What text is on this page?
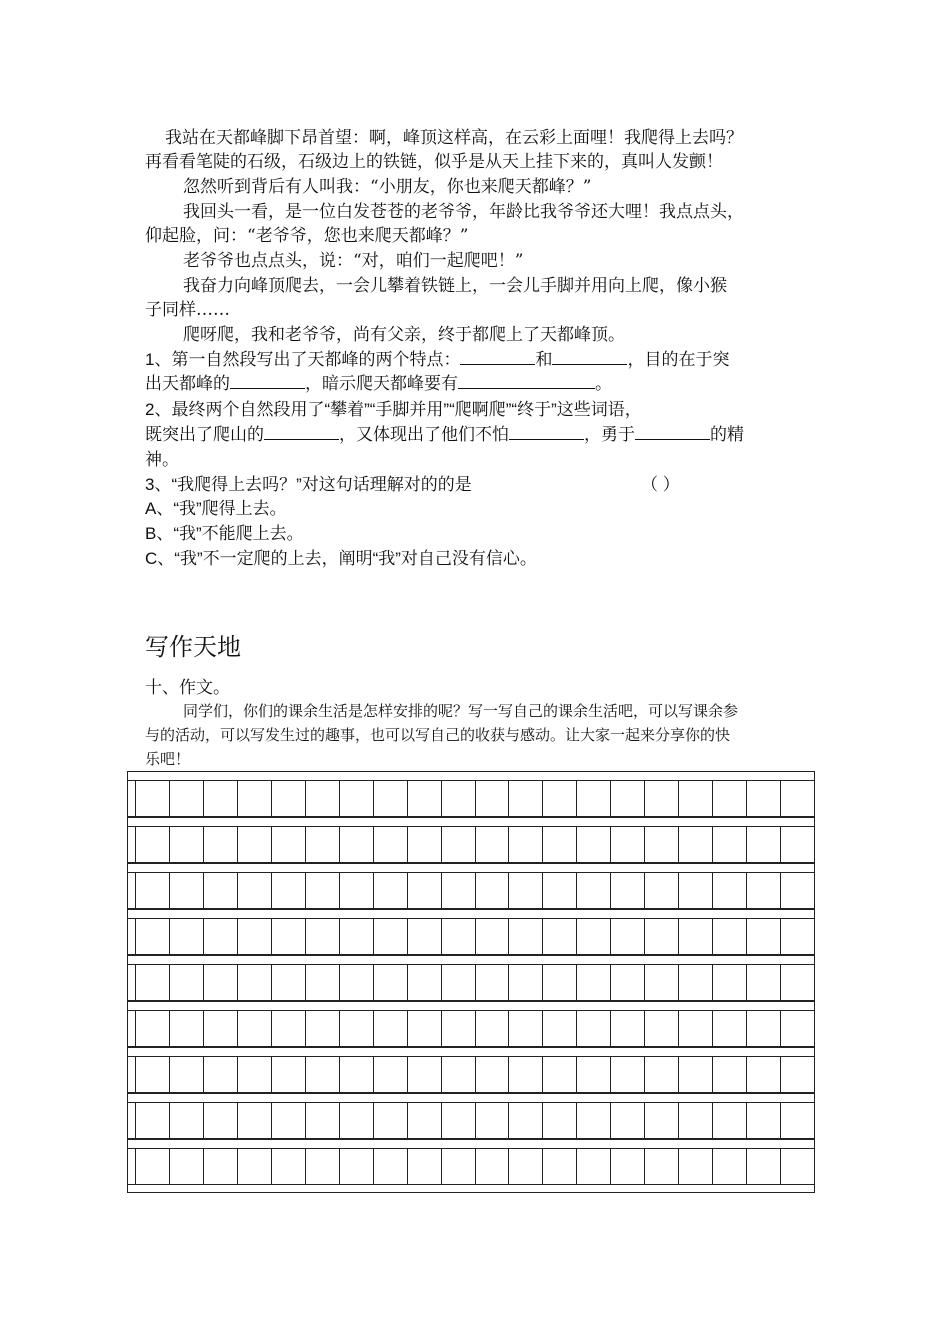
我站在天都峰脚下昂首望：啊，峰顶这样高，在云彩上面哩！我爬得上去吗？
再看看笔陡的石级，石级边上的铁链，似乎是从天上挂下来的，真叫人发颤！
忽然听到背后有人叫我：“小朋友，你也来爬天都峰？”
我回头一看，是一位白发苍苍的老爷爷，年龄比我爷爷还大哩！我点点头，
仰起脸，问：“老爷爷，您也来爬天都峰？”
老爷爷也点点头，说：“对，咱们一起爬吧！”
我奋力向峰顶爬去，一会儿攀着铁链上，一会儿手脚并用向上爬，像小猴
子同样……
爬呀爬，我和老爷爷，尚有父亲，终于都爬上了天都峰顶。
1、第一自然段写出了天都峰的两个特点：	和	，目的在于突
出天都峰的	，暗示爬天都峰要有	。
2、最终两个自然段用了“攀着”“手脚并用”“爬啊爬”“终于”这些词语，
既突出了爬山的	，又体现出了他们不怕	，勇于	的精
神。
3、“我爬得上去吗？”对这句话理解对的的是	（ ）
A、“我”爬得上去。
B、“我”不能爬上去。
C、“我”不一定爬的上去，阐明“我”对自己没有信心。
写作天地
十、作文。
同学们，你们的课余生活是怎样安排的呢？写一写自己的课余生活吧，可以写课余参
与的活动，可以写发生过的趣事，也可以写自己的收获与感动。让大家一起来分享你的快
乐吧！
